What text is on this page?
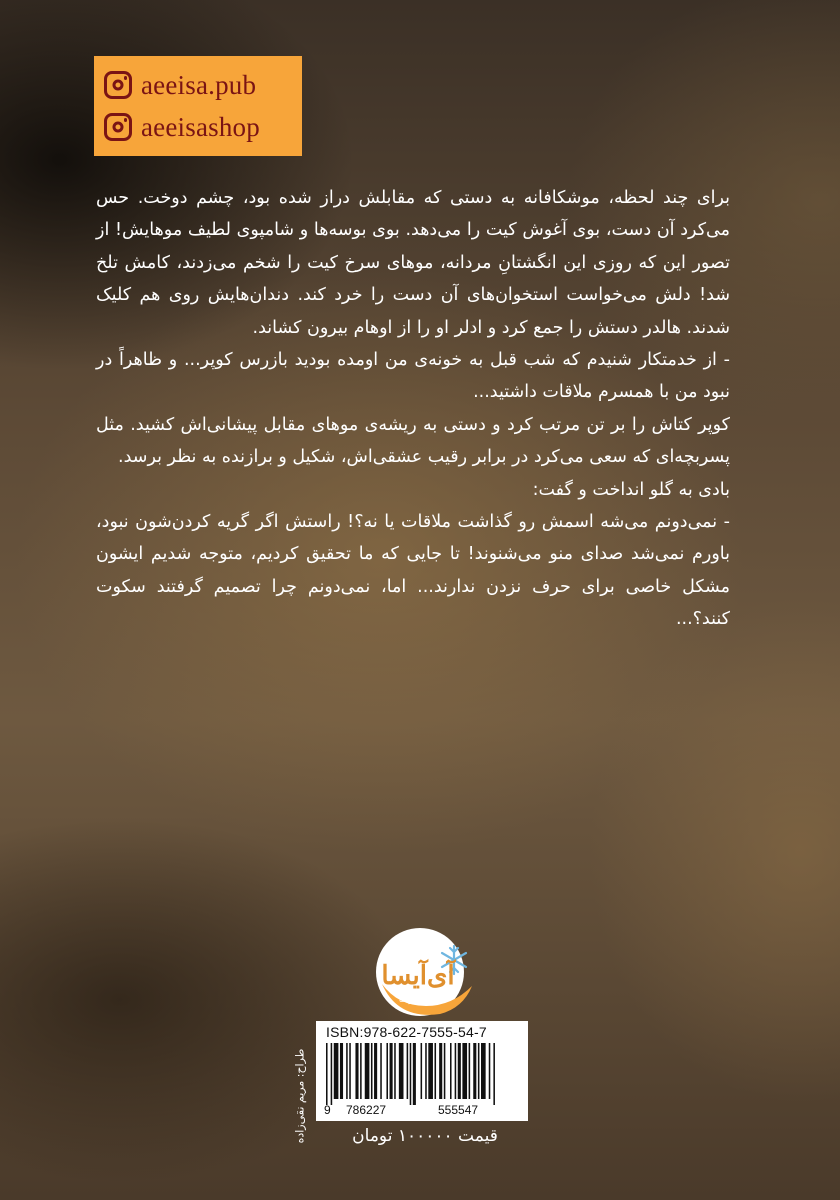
aeeisa.pub
aeeisashop

برای چند لحظه، موشکافانه به دستی که مقابلش دراز شده بود، چشم دوخت. حس می‌کرد آن دست، بوی آغوش کیت را می‌دهد. بوی بوسه‌ها و شامپوی لطیف موهایش! از تصور این که روزی این انگشتانِ مردانه، موهای سرخ کیت را شخم می‌زدند، کامش تلخ شد! دلش می‌خواست استخوان‌های آن دست را خرد کند. دندان‌هایش روی هم کلیک شدند. هالدر دستش را جمع کرد و ادلر او را از اوهام بیرون کشاند.

- از خدمتکار شنیدم که شب قبل به خونه‌ی من اومده بودید بازرس کوپر... و ظاهراً در نبود من با همسرم ملاقات داشتید...

کوپر کتاش را بر تن مرتب کرد و دستی به ریشه‌ی موهای مقابل پیشانی‌اش کشید. مثل پسربچه‌ای که سعی می‌کرد در برابر رقیب عشقی‌اش، شکیل و برازنده به نظر برسد.

بادی به گلو انداخت و گفت:

- نمی‌دونم می‌شه اسمش رو گذاشت ملاقات یا نه؟! راستش اگر گریه کردن‌شون نبود، باورم نمی‌شد صدای منو می‌شنوند! تا جایی که ما تحقیق کردیم، متوجه شدیم ایشون مشکل خاصی برای حرف نزدن ندارند... اما، نمی‌دونم چرا تصمیم گرفتند سکوت کنند؟...

آی‌آیسا
انتشارات
طراح: مریم نقی‌زاده
ISBN:978-622-7555-54-7
9 786227	555547
قیمت ۱۰۰۰۰۰ تومان
